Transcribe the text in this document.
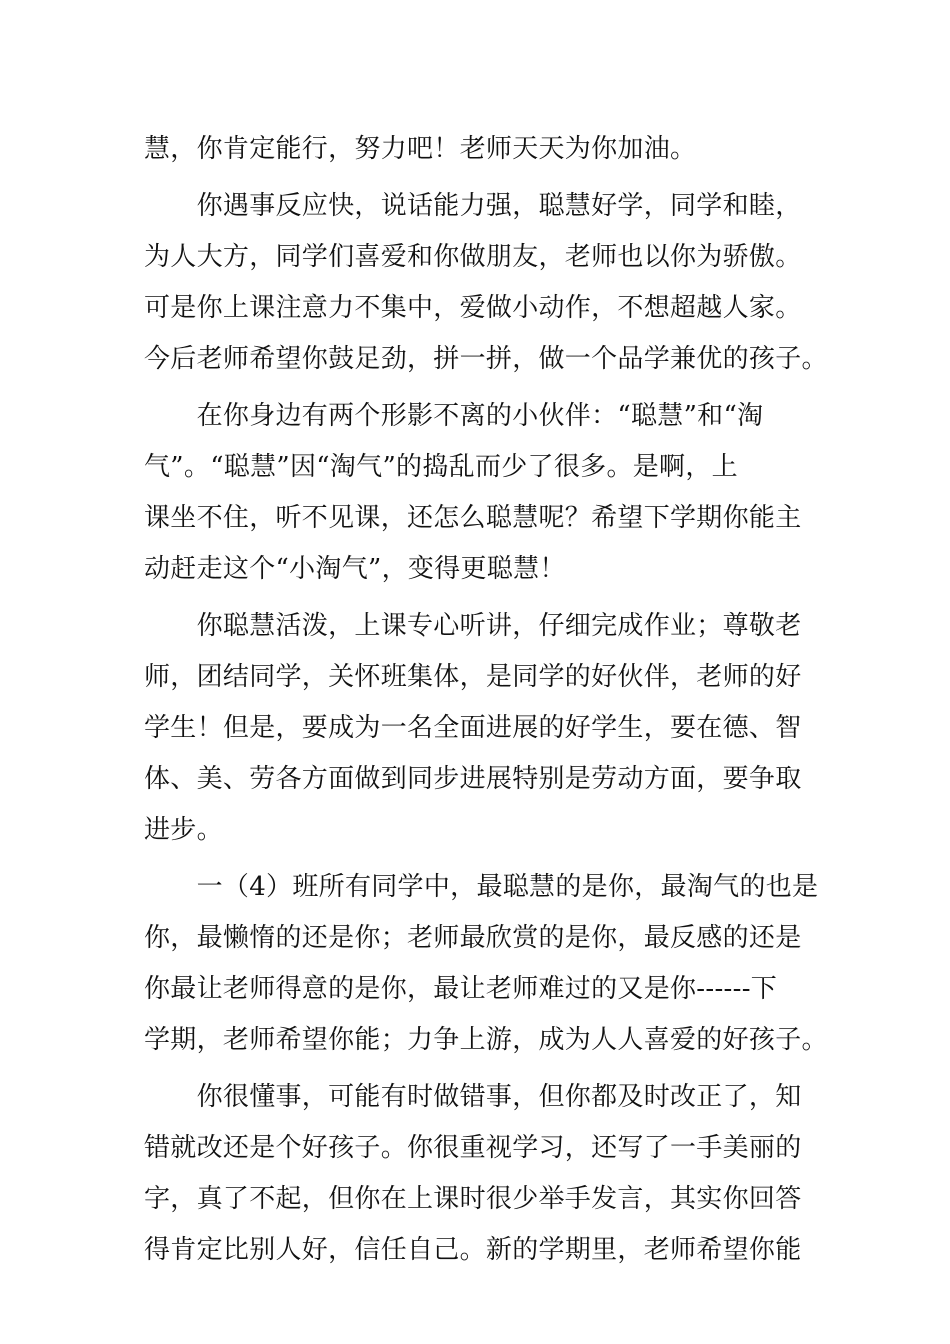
慧，你肯定能行，努力吧！老师天天为你加油。
　　你遇事反应快，说话能力强，聪慧好学，同学和睦，
为人大方，同学们喜爱和你做朋友，老师也以你为骄傲。
可是你上课注意力不集中，爱做小动作，不想超越人家。
今后老师希望你鼓足劲，拼一拼，做一个品学兼优的孩子。
　　在你身边有两个形影不离的小伙伴：“聪慧”和“淘
气”。“聪慧”因“淘气”的捣乱而少了很多。是啊，上
课坐不住，听不见课，还怎么聪慧呢？希望下学期你能主
动赶走这个“小淘气”，变得更聪慧！
　　你聪慧活泼，上课专心听讲，仔细完成作业；尊敬老
师，团结同学，关怀班集体，是同学的好伙伴，老师的好
学生！但是，要成为一名全面进展的好学生，要在德、智
体、美、劳各方面做到同步进展特别是劳动方面，要争取
进步。
　　一（4）班所有同学中，最聪慧的是你，最淘气的也是
你，最懒惰的还是你；老师最欣赏的是你，最反感的还是
你最让老师得意的是你，最让老师难过的又是你------下
学期，老师希望你能；力争上游，成为人人喜爱的好孩子。
　　你很懂事，可能有时做错事，但你都及时改正了，知
错就改还是个好孩子。你很重视学习，还写了一手美丽的
字，真了不起，但你在上课时很少举手发言，其实你回答
得肯定比别人好，信任自己。新的学期里，老师希望你能
